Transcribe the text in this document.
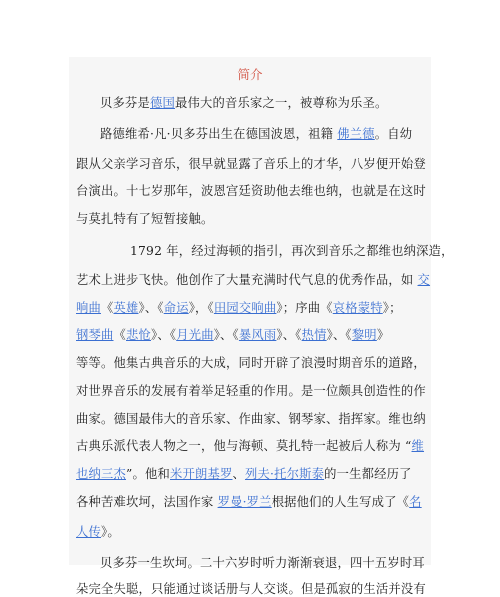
简介
贝多芬是德国最伟大的音乐家之一，被尊称为乐圣。
路德维希·凡·贝多芬出生在德国波恩，祖籍 佛兰德。自幼
跟从父亲学习音乐，很早就显露了音乐上的才华，八岁便开始登
台演出。十七岁那年，波恩宫廷资助他去维也纳，也就是在这时
与莫扎特有了短暂接触。
1792 年，经过海顿的指引，再次到音乐之都维也纳深造，
艺术上进步飞快。他创作了大量充满时代气息的优秀作品，如 交
响曲《英雄》、《命运》，《田园交响曲》；序曲《哀格蒙特》；
钢琴曲《悲怆》、《月光曲》、《暴风雨》、《热情》、《黎明》
等等。他集古典音乐的大成，同时开辟了浪漫时期音乐的道路，
对世界音乐的发展有着举足轻重的作用。是一位颇具创造性的作
曲家。德国最伟大的音乐家、作曲家、钢琴家、指挥家。维也纳
古典乐派代表人物之一，他与海顿、莫扎特一起被后人称为 “维
也纳三杰”。他和米开朗基罗、列夫·托尔斯泰的一生都经历了
各种苦难坎坷，法国作家 罗曼·罗兰根据他们的人生写成了《名
人传》。
贝多芬一生坎坷。二十六岁时听力渐渐衰退，四十五岁时耳
朵完全失聪，只能通过谈话册与人交谈。但是孤寂的生活并没有
